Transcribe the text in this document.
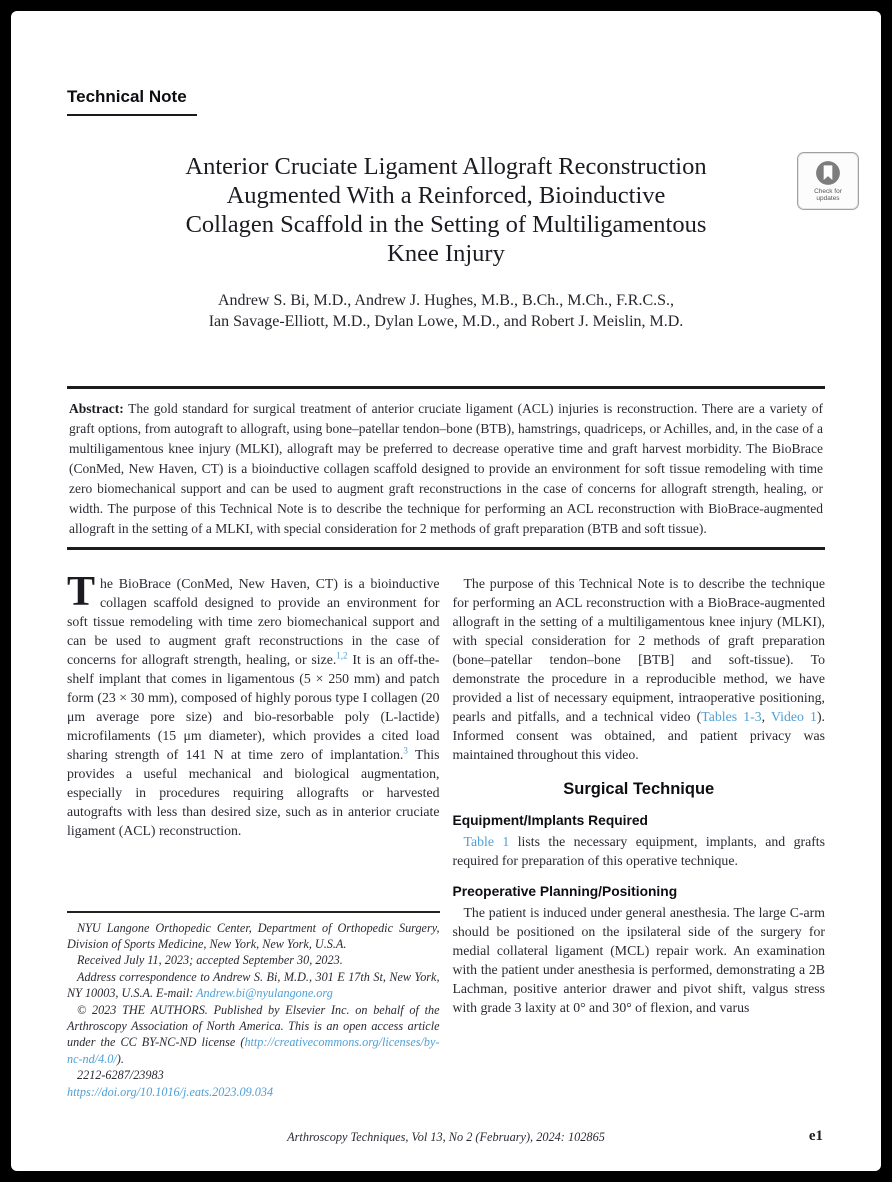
Technical Note
Anterior Cruciate Ligament Allograft Reconstruction
Augmented With a Reinforced, Bioinductive
Collagen Scaffold in the Setting of Multiligamentous
Knee Injury
Andrew S. Bi, M.D., Andrew J. Hughes, M.B., B.Ch., M.Ch., F.R.C.S.,
Ian Savage-Elliott, M.D., Dylan Lowe, M.D., and Robert J. Meislin, M.D.
Check for updates

Abstract: The gold standard for surgical treatment of anterior cruciate ligament (ACL) injuries is reconstruction. There are a variety of graft options, from autograft to allograft, using bone–patellar tendon–bone (BTB), hamstrings, quadriceps, or Achilles, and, in the case of a multiligamentous knee injury (MLKI), allograft may be preferred to decrease operative time and graft harvest morbidity. The BioBrace (ConMed, New Haven, CT) is a bioinductive collagen scaffold designed to provide an environment for soft tissue remodeling with time zero biomechanical support and can be used to augment graft reconstructions in the case of concerns for allograft strength, healing, or width. The purpose of this Technical Note is to describe the technique for performing an ACL reconstruction with BioBrace-augmented allograft in the setting of a MLKI, with special consideration for 2 methods of graft preparation (BTB and soft tissue).

The BioBrace (ConMed, New Haven, CT) is a bioinductive collagen scaffold designed to provide an environment for soft tissue remodeling with time zero biomechanical support and can be used to augment graft reconstructions in the case of concerns for allograft strength, healing, or size.$^{1,2}$ It is an off-the-shelf implant that comes in ligamentous (5 × 250 mm) and patch form (23 × 30 mm), composed of highly porous type I collagen (20 μm average pore size) and bio-resorbable poly (L-lactide) microfilaments (15 μm diameter), which provides a cited load sharing strength of 141 N at time zero of implantation.$^3$ This provides a useful mechanical and biological augmentation, especially in procedures requiring allografts or harvested autografts with less than desired size, such as in anterior cruciate ligament (ACL) reconstruction.

NYU Langone Orthopedic Center, Department of Orthopedic Surgery, Division of Sports Medicine, New York, New York, U.S.A.

Received July 11, 2023; accepted September 30, 2023.

Address correspondence to Andrew S. Bi, M.D., 301 E 17th St, New York, NY 10003, U.S.A. E-mail: Andrew.bi@nyulangone.org

© 2023 THE AUTHORS. Published by Elsevier Inc. on behalf of the Arthroscopy Association of North America. This is an open access article under the CC BY-NC-ND license (http://creativecommons.org/licenses/by-nc-nd/4.0/).

2212-6287/23983

https://doi.org/10.1016/j.eats.2023.09.034

The purpose of this Technical Note is to describe the technique for performing an ACL reconstruction with a BioBrace-augmented allograft in the setting of a multiligamentous knee injury (MLKI), with special consideration for 2 methods of graft preparation (bone–patellar tendon–bone [BTB] and soft-tissue). To demonstrate the procedure in a reproducible method, we have provided a list of necessary equipment, intraoperative positioning, pearls and pitfalls, and a technical video (Tables 1-3, Video 1). Informed consent was obtained, and patient privacy was maintained throughout this video.

Surgical Technique
Equipment/Implants Required

Table 1 lists the necessary equipment, implants, and grafts required for preparation of this operative technique.

Preoperative Planning/Positioning

The patient is induced under general anesthesia. The large C-arm should be positioned on the ipsilateral side of the surgery for medial collateral ligament (MCL) repair work. An examination with the patient under anesthesia is performed, demonstrating a 2B Lachman, positive anterior drawer and pivot shift, valgus stress with grade 3 laxity at 0° and 30° of flexion, and varus

Arthroscopy Techniques, Vol 13, No 2 (February), 2024: 102865	e1
